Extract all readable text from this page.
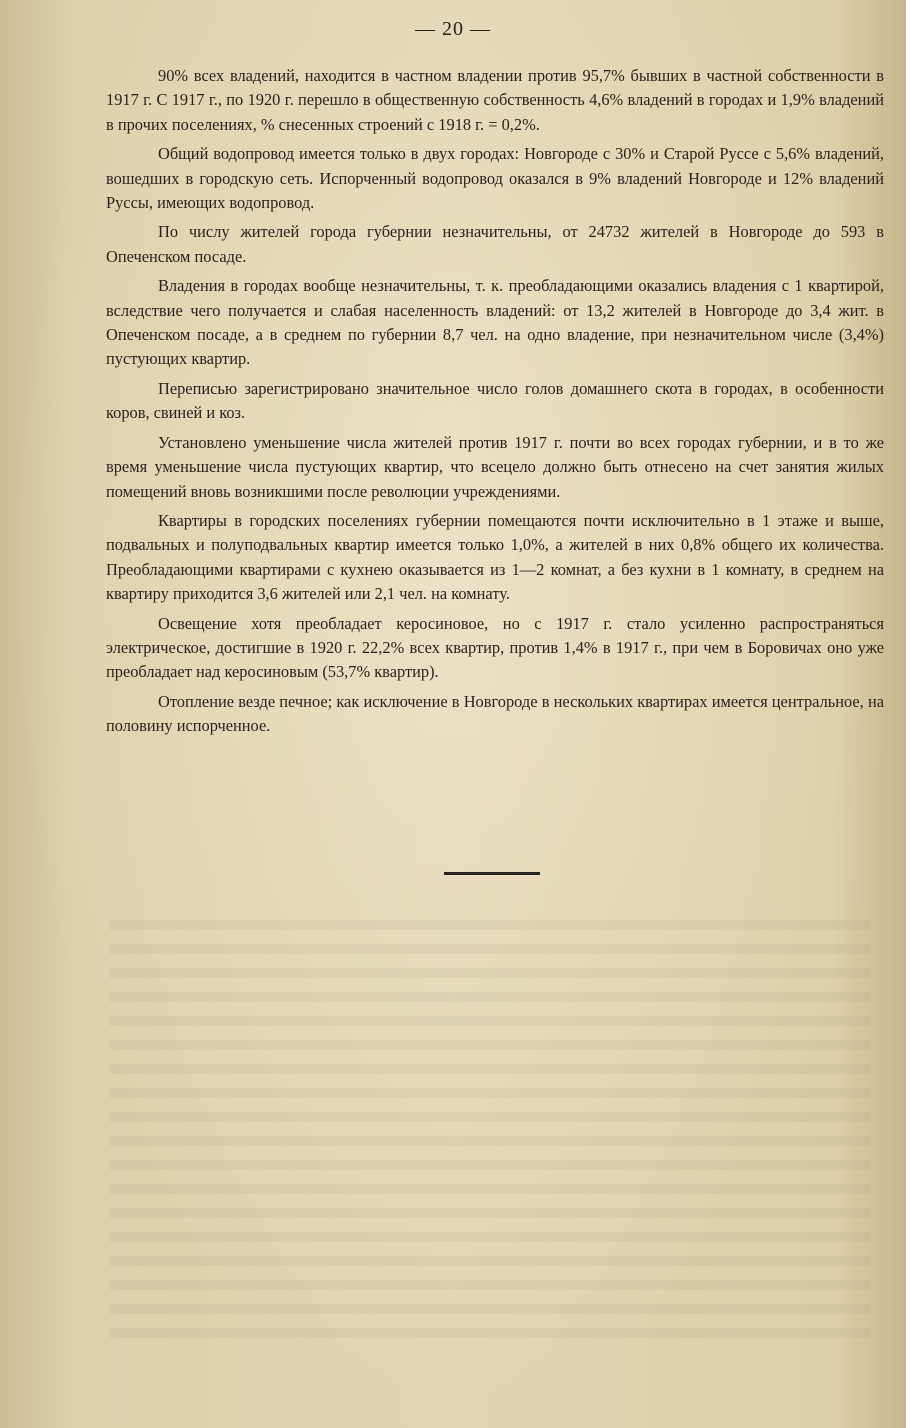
— 20 —

90% всех владений, находится в частном владении против 95,7% бывших в частной собственности в 1917 г. С 1917 г., по 1920 г. перешло в общественную собственность 4,6% владений в городах и 1,9% владений в прочих поселениях, % снесенных строений с 1918 г. = 0,2%.

Общий водопровод имеется только в двух городах: Новгороде с 30% и Старой Руссе с 5,6% владений, вошедших в городскую сеть. Испорченный водопровод оказался в 9% владений Новгороде и 12% владений Руссы, имеющих водопровод.

По числу жителей города губернии незначительны, от 24732 жителей в Новгороде до 593 в Опеченском посаде.

Владения в городах вообще незначительны, т. к. преобладающими оказались владения с 1 квартирой, вследствие чего получается и слабая населенность владений: от 13,2 жителей в Новгороде до 3,4 жит. в Опеченском посаде, а в среднем по губернии 8,7 чел. на одно владение, при незначительном числе (3,4%) пустующих квартир.

Переписью зарегистрировано значительное число голов домашнего скота в городах, в особенности коров, свиней и коз.

Установлено уменьшение числа жителей против 1917 г. почти во всех городах губернии, и в то же время уменьшение числа пустующих квартир, что всецело должно быть отнесено на счет занятия жилых помещений вновь возникшими после революции учреждениями.

Квартиры в городских поселениях губернии помещаются почти исключительно в 1 этаже и выше, подвальных и полуподвальных квартир имеется только 1,0%, а жителей в них 0,8% общего их количества. Преобладающими квартирами с кухнею оказывается из 1—2 комнат, а без кухни в 1 комнату, в среднем на квартиру приходится 3,6 жителей или 2,1 чел. на комнату.

Освещение хотя преобладает керосиновое, но с 1917 г. стало усиленно распространяться электрическое, достигшие в 1920 г. 22,2% всех квартир, против 1,4% в 1917 г., при чем в Боровичах оно уже преобладает над керосиновым (53,7% квартир).

Отопление везде печное; как исключение в Новгороде в нескольких квартирах имеется центральное, на половину испорченное.
